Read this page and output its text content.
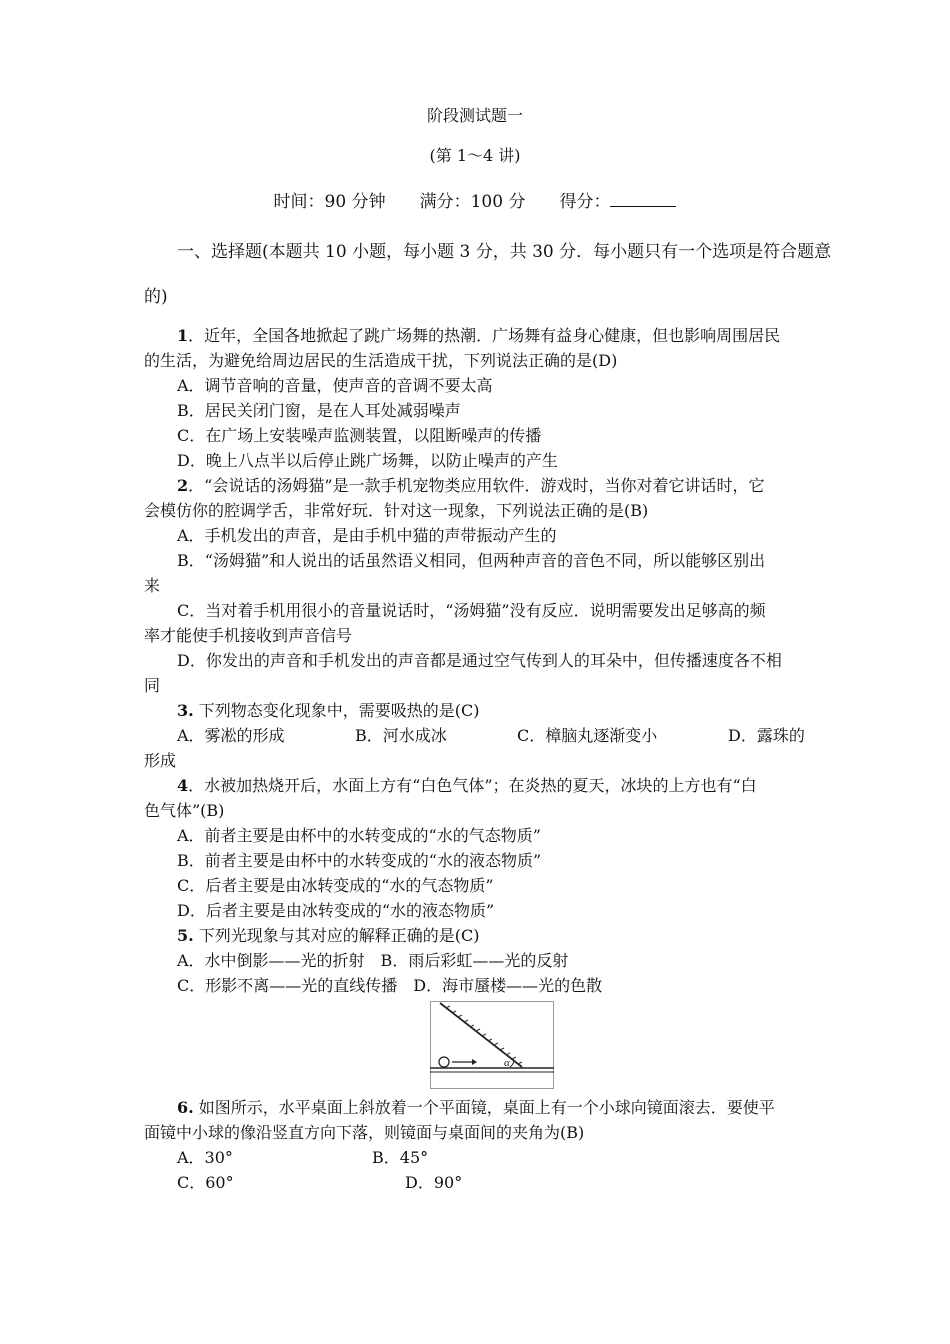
阶段测试题一
(第 1～4 讲)
时间：90 分钟 满分：100 分 得分：
一、选择题(本题共 10 小题，每小题 3 分，共 30 分．每小题只有一个选项是符合题意
的)
1．近年，全国各地掀起了跳广场舞的热潮．广场舞有益身心健康，但也影响周围居民
的生活，为避免给周边居民的生活造成干扰，下列说法正确的是(D)
A．调节音响的音量，使声音的音调不要太高
B．居民关闭门窗，是在人耳处减弱噪声
C．在广场上安装噪声监测装置，以阻断噪声的传播
D．晚上八点半以后停止跳广场舞，以防止噪声的产生
2．“会说话的汤姆猫”是一款手机宠物类应用软件．游戏时，当你对着它讲话时，它
会模仿你的腔调学舌，非常好玩．针对这一现象，下列说法正确的是(B)
A．手机发出的声音，是由手机中猫的声带振动产生的
B．“汤姆猫”和人说出的话虽然语义相同，但两种声音的音色不同，所以能够区别出
来
C．当对着手机用很小的音量说话时，“汤姆猫”没有反应．说明需要发出足够高的频
率才能使手机接收到声音信号
D．你发出的声音和手机发出的声音都是通过空气传到人的耳朵中，但传播速度各不相
同
3. 下列物态变化现象中，需要吸热的是(C)
A．雾凇的形成	B．河水成冰	C．樟脑丸逐渐变小	D．露珠的
形成
4．水被加热烧开后，水面上方有“白色气体”；在炎热的夏天，冰块的上方也有“白
色气体”(B)
A．前者主要是由杯中的水转变成的“水的气态物质”
B．前者主要是由杯中的水转变成的“水的液态物质”
C．后者主要是由冰转变成的“水的气态物质”
D．后者主要是由冰转变成的“水的液态物质”
5. 下列光现象与其对应的解释正确的是(C)
A．水中倒影——光的折射　B．雨后彩虹——光的反射
C．形影不离——光的直线传播　D．海市蜃楼——光的色散
α
6. 如图所示，水平桌面上斜放着一个平面镜，桌面上有一个小球向镜面滚去．要使平
面镜中小球的像沿竖直方向下落，则镜面与桌面间的夹角为(B)
A．30°	B．45°
C．60°	D．90°
